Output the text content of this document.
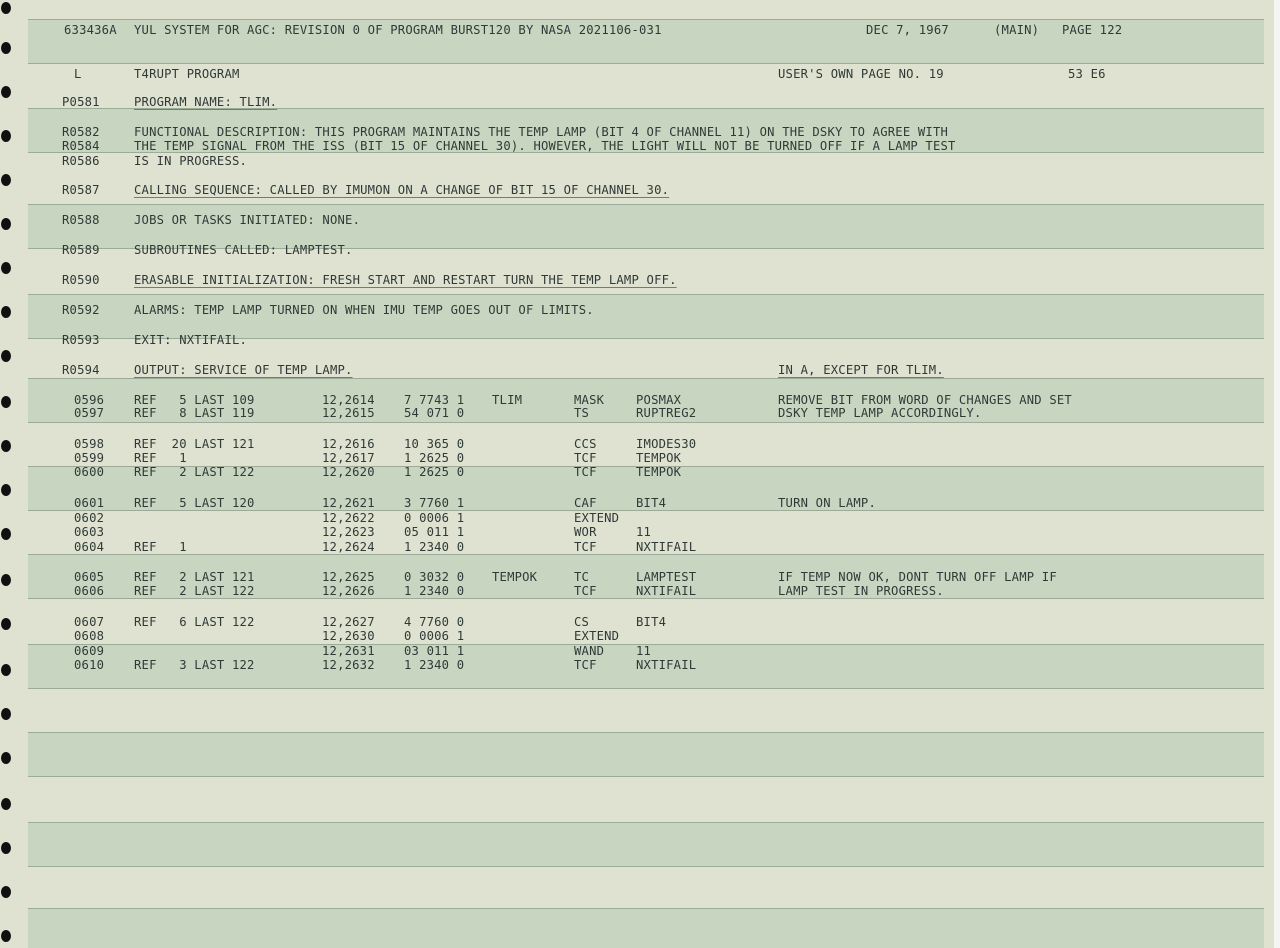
633436A YUL SYSTEM FOR AGC: REVISION 0 OF PROGRAM BURST120 BY NASA 2021106-031	DEC 7, 1967	(MAIN) PAGE 122
L	T4RUPT PROGRAM	USER'S OWN PAGE NO. 19	53 E6
P0581	PROGRAM NAME: TLIM.
R0582	FUNCTIONAL DESCRIPTION: THIS PROGRAM MAINTAINS THE TEMP LAMP (BIT 4 OF CHANNEL 11) ON THE DSKY TO AGREE WITH
R0584	THE TEMP SIGNAL FROM THE ISS (BIT 15 OF CHANNEL 30). HOWEVER, THE LIGHT WILL NOT BE TURNED OFF IF A LAMP TEST
R0586	IS IN PROGRESS.
R0587	CALLING SEQUENCE: CALLED BY IMUMON ON A CHANGE OF BIT 15 OF CHANNEL 30.
R0588	JOBS OR TASKS INITIATED: NONE.
R0589	SUBROUTINES CALLED: LAMPTEST.
R0590	ERASABLE INITIALIZATION: FRESH START AND RESTART TURN THE TEMP LAMP OFF.
R0592	ALARMS: TEMP LAMP TURNED ON WHEN IMU TEMP GOES OUT OF LIMITS.
R0593	EXIT: NXTIFAIL.
R0594	OUTPUT: SERVICE OF TEMP LAMP.	IN A, EXCEPT FOR TLIM.
0596 REF   5 LAST 109	12,2614 7 7743 1 TLIM	MASK	POSMAX	REMOVE BIT FROM WORD OF CHANGES AND SET
0597 REF   8 LAST 119	12,2615 54 071 0	TS	RUPTREG2	DSKY TEMP LAMP ACCORDINGLY.
0598 REF  20 LAST 121	12,2616 10 365 0	CCS	IMODES30
0599 REF   1	12,2617 1 2625 0	TCF	TEMPOK
0600 REF   2 LAST 122	12,2620 1 2625 0	TCF	TEMPOK
0601 REF   5 LAST 120	12,2621 3 7760 1	CAF	BIT4	TURN ON LAMP.
0602	12,2622 0 0006 1	EXTEND
0603	12,2623 05 011 1	WOR	11
0604 REF   1	12,2624 1 2340 0	TCF	NXTIFAIL
0605 REF   2 LAST 121	12,2625 0 3032 0 TEMPOK	TC	LAMPTEST	IF TEMP NOW OK, DONT TURN OFF LAMP IF
0606 REF   2 LAST 122	12,2626 1 2340 0	TCF	NXTIFAIL	LAMP TEST IN PROGRESS.
0607 REF   6 LAST 122	12,2627 4 7760 0	CS	BIT4
0608	12,2630 0 0006 1	EXTEND
0609	12,2631 03 011 1	WAND	11
0610 REF   3 LAST 122	12,2632 1 2340 0	TCF	NXTIFAIL
